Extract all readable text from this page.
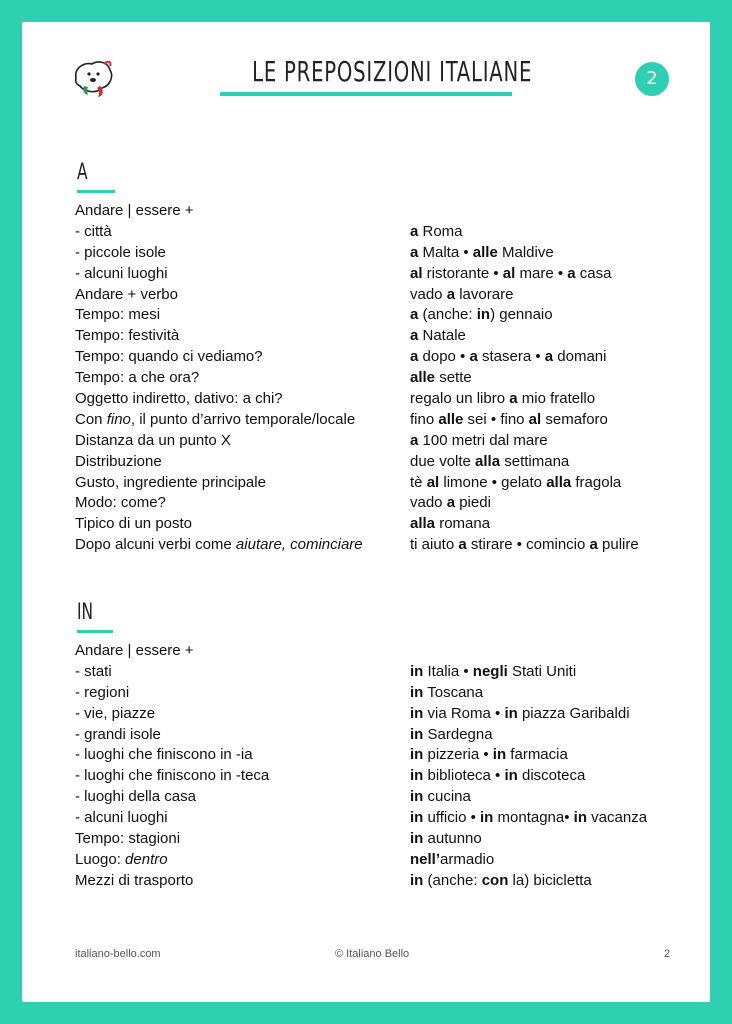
LE PREPOSIZIONI ITALIANE	2
A
Andare | essere +
- città	a Roma
- piccole isole	a Malta • alle Maldive
- alcuni luoghi	al ristorante • al mare • a casa
Andare + verbo	vado a lavorare
Tempo: mesi	a (anche: in) gennaio
Tempo: festività	a Natale
Tempo: quando ci vediamo?	a dopo • a stasera • a domani
Tempo: a che ora?	alle sette
Oggetto indiretto, dativo: a chi?	regalo un libro a mio fratello
Con fino, il punto d’arrivo temporale/locale	fino alle sei • fino al semaforo
Distanza da un punto X	a 100 metri dal mare
Distribuzione	due volte alla settimana
Gusto, ingrediente principale	tè al limone • gelato alla fragola
Modo: come?	vado a piedi
Tipico di un posto	alla romana
Dopo alcuni verbi come aiutare, cominciare	ti aiuto a stirare • comincio a pulire
IN
Andare | essere +
- stati	in Italia • negli Stati Uniti
- regioni	in Toscana
- vie, piazze	in via Roma • in piazza Garibaldi
- grandi isole	in Sardegna
- luoghi che finiscono in -ia	in pizzeria • in farmacia
- luoghi che finiscono in -teca	in biblioteca • in discoteca
- luoghi della casa	in cucina
- alcuni luoghi	in ufficio • in montagna• in vacanza
Tempo: stagioni	in autunno
Luogo: dentro	nell’armadio
Mezzi di trasporto	in (anche: con la) bicicletta
italiano-bello.com	© Italiano Bello	2
